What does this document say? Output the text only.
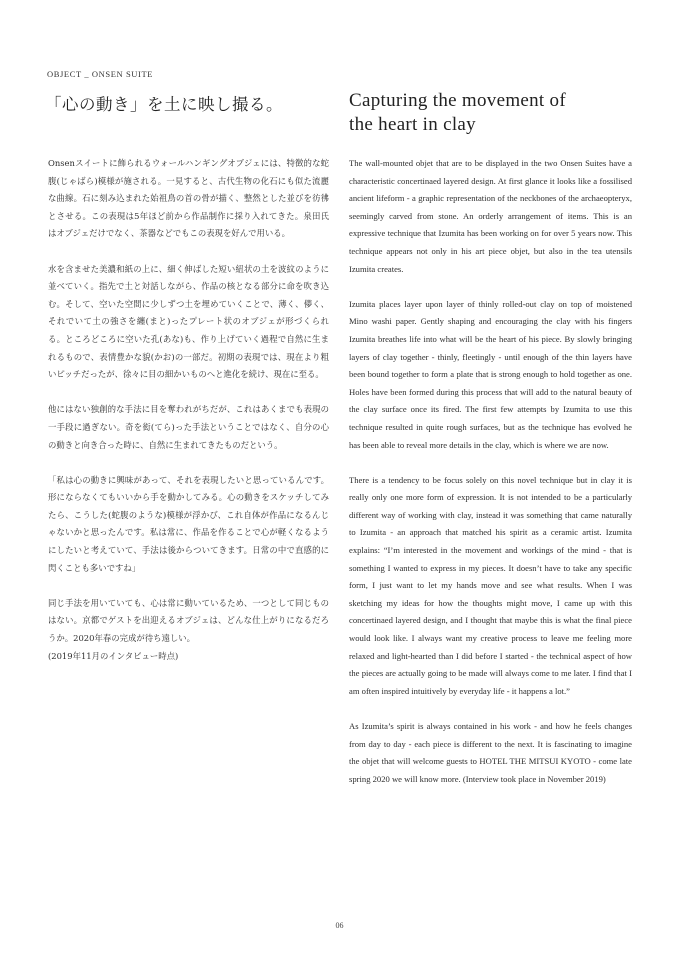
OBJECT _ ONSEN SUITE
「心の動き」を土に映し撮る。	Capturing the movement of
the heart in clay

Onsenスイートに飾られるウォールハンギングオブジェには、特徴的な蛇腹(じゃばら)模様が施される。一見すると、古代生物の化石にも似た流麗な曲線。石に刻み込まれた始祖鳥の首の骨が描く、整然とした並びを彷彿とさせる。この表現は5年ほど前から作品制作に採り入れてきた。泉田氏はオブジェだけでなく、茶器などでもこの表現を好んで用いる。

水を含ませた美濃和紙の上に、細く伸ばした短い紐状の土を波紋のように並べていく。指先で土と対話しながら、作品の核となる部分に命を吹き込む。そして、空いた空間に少しずつ土を埋めていくことで、薄く、儚く、それでいて土の強さを纏(まと)ったプレート状のオブジェが形づくられる。ところどころに空いた孔(あな)も、作り上げていく過程で自然に生まれるもので、表情豊かな貌(かお)の一部だ。初期の表現では、現在より粗いピッチだったが、徐々に目の細かいものへと進化を続け、現在に至る。

他にはない独創的な手法に目を奪われがちだが、これはあくまでも表現の一手段に過ぎない。奇を衒(てら)った手法ということではなく、自分の心の動きと向き合った時に、自然に生まれてきたものだという。

「私は心の動きに興味があって、それを表現したいと思っているんです。形にならなくてもいいから手を動かしてみる。心の動きをスケッチしてみたら、こうした(蛇腹のような)模様が浮かび、これ自体が作品になるんじゃないかと思ったんです。私は常に、作品を作ることで心が軽くなるようにしたいと考えていて、手法は後からついてきます。日常の中で直感的に閃くことも多いですね」

同じ手法を用いていても、心は常に動いているため、一つとして同じものはない。京都でゲストを出迎えるオブジェは、どんな仕上がりになるだろうか。2020年春の完成が待ち遠しい。

(2019年11月のインタビュー時点)

The wall-mounted objet that are to be displayed in the two Onsen Suites have a characteristic concertinaed layered design. At first glance it looks like a fossilised ancient lifeform - a graphic representation of the neckbones of the archaeopteryx, seemingly carved from stone. An orderly arrangement of items. This is an expressive technique that Izumita has been working on for over 5 years now. This technique appears not only in his art piece objet, but also in the tea utensils Izumita creates.

Izumita places layer upon layer of thinly rolled-out clay on top of moistened Mino washi paper. Gently shaping and encouraging the clay with his fingers Izumita breathes life into what will be the heart of his piece. By slowly bringing layers of clay together - thinly, fleetingly - until enough of the thin layers have been bound together to form a plate that is strong enough to hold together as one. Holes have been formed during this process that will add to the natural beauty of the clay surface once its fired. The first few attempts by Izumita to use this technique resulted in quite rough surfaces, but as the technique has evolved he has been able to reveal more details in the clay, which is where we are now.

There is a tendency to be focus solely on this novel technique but in clay it is really only one more form of expression. It is not intended to be a particularly different way of working with clay, instead it was something that came naturally to Izumita - an approach that matched his spirit as a ceramic artist. Izumita explains: “I’m interested in the movement and workings of the mind - that is something I wanted to express in my pieces. It doesn’t have to take any specific form, I just want to let my hands move and see what results. When I was sketching my ideas for how the thoughts might move, I came up with this concertinaed layered design, and I thought that maybe this is what the final piece would look like. I always want my creative process to leave me feeling more relaxed and light-hearted than I did before I started - the technical aspect of how the pieces are actually going to be made will always come to me later. I find that I am often inspired intuitively by everyday life - it happens a lot.”

As Izumita’s spirit is always contained in his work - and how he feels changes from day to day - each piece is different to the next. It is fascinating to imagine the objet that will welcome guests to HOTEL THE MITSUI KYOTO - come late spring 2020 we will know more. (Interview took place in November 2019)

06
